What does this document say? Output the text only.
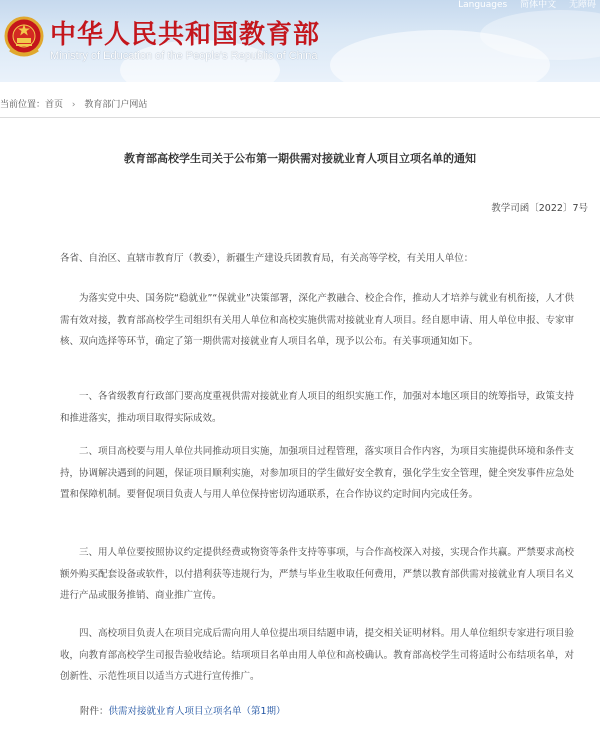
Languages 简体中文 无障碍
中华人民共和国教育部
Ministry of Education of the People's Republic of China
当前位置：首页 › 教育部门户网站
教育部高校学生司关于公布第一期供需对接就业育人项目立项名单的通知
教学司函〔2022〕7号

各省、自治区、直辖市教育厅（教委），新疆生产建设兵团教育局，有关高等学校，有关用人单位：

为落实党中央、国务院“稳就业”“保就业”决策部署，深化产教融合、校企合作，推动人才培养与就业有机衔接，人才供需有效对接，教育部高校学生司组织有关用人单位和高校实施供需对接就业育人项目。经自愿申请、用人单位申报、专家审核、双向选择等环节，确定了第一期供需对接就业育人项目名单，现予以公布。有关事项通知如下。

一、各省级教育行政部门要高度重视供需对接就业育人项目的组织实施工作，加强对本地区项目的统筹指导，政策支持和推进落实，推动项目取得实际成效。

二、项目高校要与用人单位共同推动项目实施，加强项目过程管理，落实项目合作内容，为项目实施提供环境和条件支持，协调解决遇到的问题，保证项目顺利实施，对参加项目的学生做好安全教育，强化学生安全管理，健全突发事件应急处置和保障机制。要督促项目负责人与用人单位保持密切沟通联系，在合作协议约定时间内完成任务。

三、用人单位要按照协议约定提供经费或物资等条件支持等事项，与合作高校深入对接，实现合作共赢。严禁要求高校额外购买配套设备或软件，以付措利获等违规行为，严禁与毕业生收取任何费用，严禁以教育部供需对接就业育人项目名义进行产品或服务推销、商业推广宣传。

四、高校项目负责人在项目完成后需向用人单位提出项目结题申请，提交相关证明材料。用人单位组织专家进行项目验收，向教育部高校学生司报告验收结论。结项项目名单由用人单位和高校确认。教育部高校学生司将适时公布结项名单，对创新性、示范性项目以适当方式进行宣传推广。

附件：供需对接就业育人项目立项名单（第1期）
